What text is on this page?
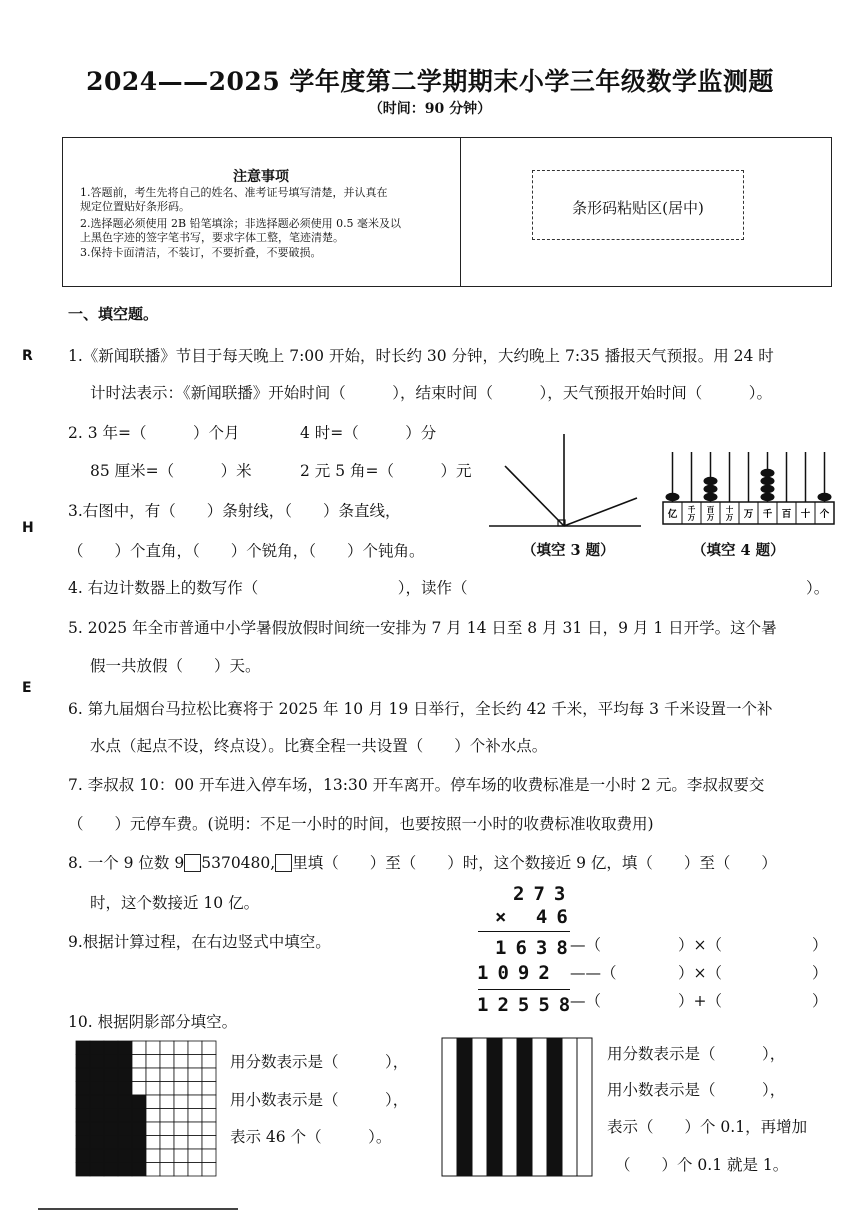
2024——2025 学年度第二学期期末小学三年级数学监测题
（时间：90 分钟）
注意事项
1.答题前，考生先将自己的姓名、准考证号填写清楚，并认真在
规定位置贴好条形码。
2.选择题必须使用 2B 铅笔填涂；非选择题必须使用 0.5 毫米及以
上黑色字迹的签字笔书写，要求字体工整，笔迹清楚。
3.保持卡面清洁，不装订，不要折叠，不要破损。
条形码粘贴区(居中)
R
H
E
一、填空题。
1.《新闻联播》节目于每天晚上 7:00 开始，时长约 30 分钟，大约晚上 7:35 播报天气预报。用 24 时
计时法表示：《新闻联播》开始时间（　　　），结束时间（　　　），天气预报开始时间（　　　）。
2. 3 年=（　　　）个月	4 时=（　　　）分
85 厘米=（　　　）米	2 元 5 角=（　　　）元
3.右图中，有（　　）条射线，（　　）条直线，
（　　）个直角，（　　）个锐角，（　　）个钝角。	（填空 3 题）
亿 千
万
百
万
十
万 万 千 百 十 个
（填空 4 题）
4. 右边计数器上的数写作（　　　　　　　　　），读作（	）。
5. 2025 年全市普通中小学暑假放假时间统一安排为 7 月 14 日至 8 月 31 日，9 月 1 日开学。这个暑
假一共放假（　　）天。
6. 第九届烟台马拉松比赛将于 2025 年 10 月 19 日举行，全长约 42 千米，平均每 3 千米设置一个补
水点（起点不设，终点设）。比赛全程一共设置（　　）个补水点。
7. 李叔叔 10：00 开车进入停车场，13:30 开车离开。停车场的收费标准是一小时 2 元。李叔叔要交
（　　）元停车费。(说明：不足一小时的时间，也要按照一小时的收费标准收取费用)
8. 一个 9 位数 9 5370480, 里填（　　）至（　　）时，这个数接近 9 亿，填（　　）至（　　）
时，这个数接近 10 亿。
9.根据计算过程，在右边竖式中填空。
273
× 46
1638
1092
12558
—（	）×（	）
——（	）×（	）
—（	）+（	）
10. 根据阴影部分填空。
用分数表示是（　　　），
用小数表示是（　　　），
表示 46 个（　　　）。
用分数表示是（　　　），
用小数表示是（　　　），
表示（　　）个 0.1，再增加
（　　）个 0.1 就是 1。
